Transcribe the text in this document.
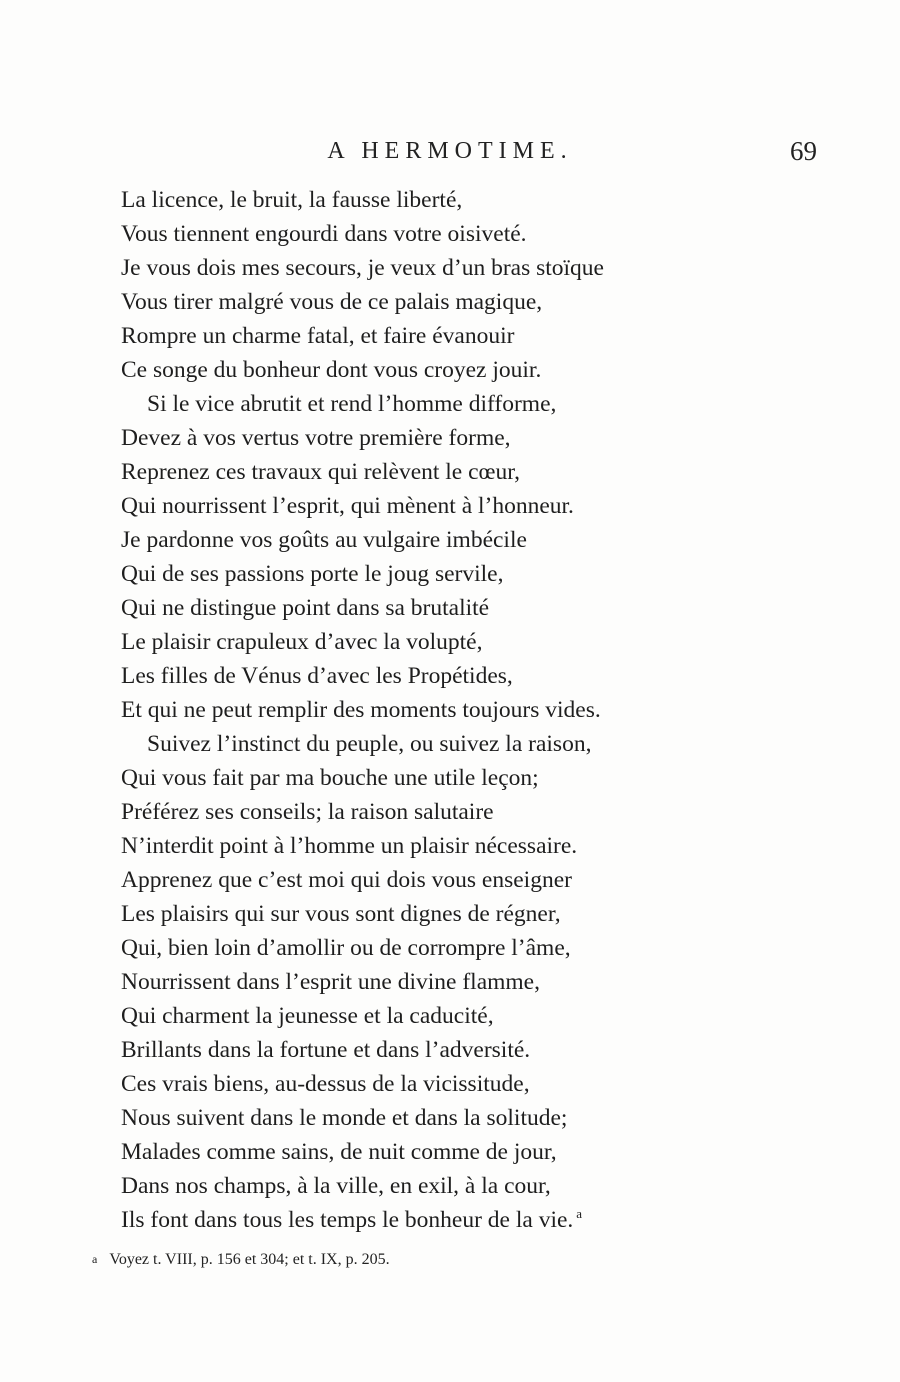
A HERMOTIME.	69
La licence, le bruit, la fausse liberté,
Vous tiennent engourdi dans votre oisiveté.
Je vous dois mes secours, je veux d’un bras stoïque
Vous tirer malgré vous de ce palais magique,
Rompre un charme fatal, et faire évanouir
Ce songe du bonheur dont vous croyez jouir.
Si le vice abrutit et rend l’homme difforme,
Devez à vos vertus votre première forme,
Reprenez ces travaux qui relèvent le cœur,
Qui nourrissent l’esprit, qui mènent à l’honneur.
Je pardonne vos goûts au vulgaire imbécile
Qui de ses passions porte le joug servile,
Qui ne distingue point dans sa brutalité
Le plaisir crapuleux d’avec la volupté,
Les filles de Vénus d’avec les Propétides,
Et qui ne peut remplir des moments toujours vides.
Suivez l’instinct du peuple, ou suivez la raison,
Qui vous fait par ma bouche une utile leçon;
Préférez ses conseils; la raison salutaire
N’interdit point à l’homme un plaisir nécessaire.
Apprenez que c’est moi qui dois vous enseigner
Les plaisirs qui sur vous sont dignes de régner,
Qui, bien loin d’amollir ou de corrompre l’âme,
Nourrissent dans l’esprit une divine flamme,
Qui charment la jeunesse et la caducité,
Brillants dans la fortune et dans l’adversité.
Ces vrais biens, au-dessus de la vicissitude,
Nous suivent dans le monde et dans la solitude;
Malades comme sains, de nuit comme de jour,
Dans nos champs, à la ville, en exil, à la cour,
Ils font dans tous les temps le bonheur de la vie. $^a$
a Voyez t. VIII, p. 156 et 304; et t. IX, p. 205.
